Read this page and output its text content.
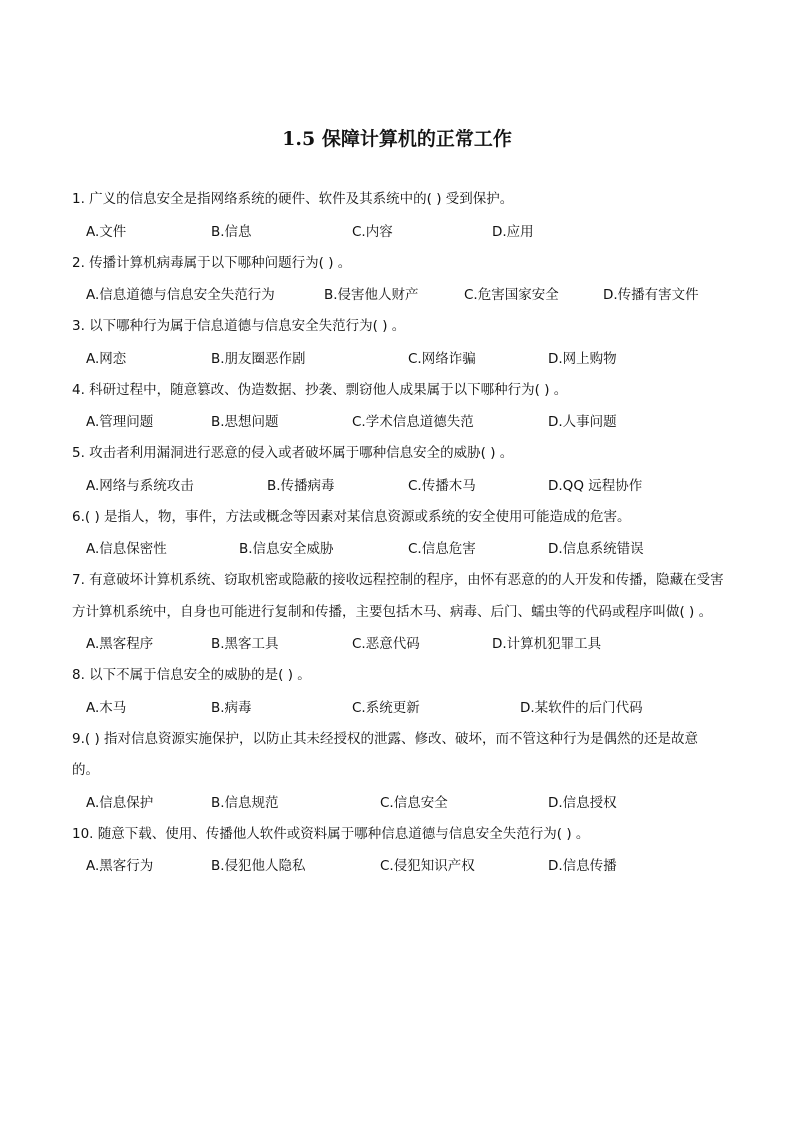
1.5 保障计算机的正常工作

1. 广义的信息安全是指网络系统的硬件、软件及其系统中的( ) 受到保护。

A.文件	B.信息	C.内容	D.应用

2. 传播计算机病毒属于以下哪种问题行为( ) 。

A.信息道德与信息安全失范行为	B.侵害他人财产	C.危害国家安全	D.传播有害文件

3. 以下哪种行为属于信息道德与信息安全失范行为( ) 。

A.网恋	B.朋友圈恶作剧	C.网络诈骗	D.网上购物

4. 科研过程中，随意篡改、伪造数据、抄袭、剽窃他人成果属于以下哪种行为( ) 。

A.管理问题	B.思想问题	C.学术信息道德失范	D.人事问题

5. 攻击者利用漏洞进行恶意的侵入或者破坏属于哪种信息安全的威胁( ) 。

A.网络与系统攻击	B.传播病毒	C.传播木马	D.QQ 远程协作

6.( ) 是指人，物，事件，方法或概念等因素对某信息资源或系统的安全使用可能造成的危害。

A.信息保密性	B.信息安全威胁	C.信息危害	D.信息系统错误

7. 有意破坏计算机系统、窃取机密或隐蔽的接收远程控制的程序，由怀有恶意的的人开发和传播，隐藏在受害方计算机系统中，自身也可能进行复制和传播，主要包括木马、病毒、后门、蠕虫等的代码或程序叫做( ) 。

A.黑客程序	B.黑客工具	C.恶意代码	D.计算机犯罪工具

8. 以下不属于信息安全的威胁的是( ) 。

A.木马	B.病毒	C.系统更新	D.某软件的后门代码

9.( ) 指对信息资源实施保护，以防止其未经授权的泄露、修改、破坏，而不管这种行为是偶然的还是故意的。

A.信息保护	B.信息规范	C.信息安全	D.信息授权

10. 随意下载、使用、传播他人软件或资料属于哪种信息道德与信息安全失范行为( ) 。

A.黑客行为	B.侵犯他人隐私	C.侵犯知识产权	D.信息传播
